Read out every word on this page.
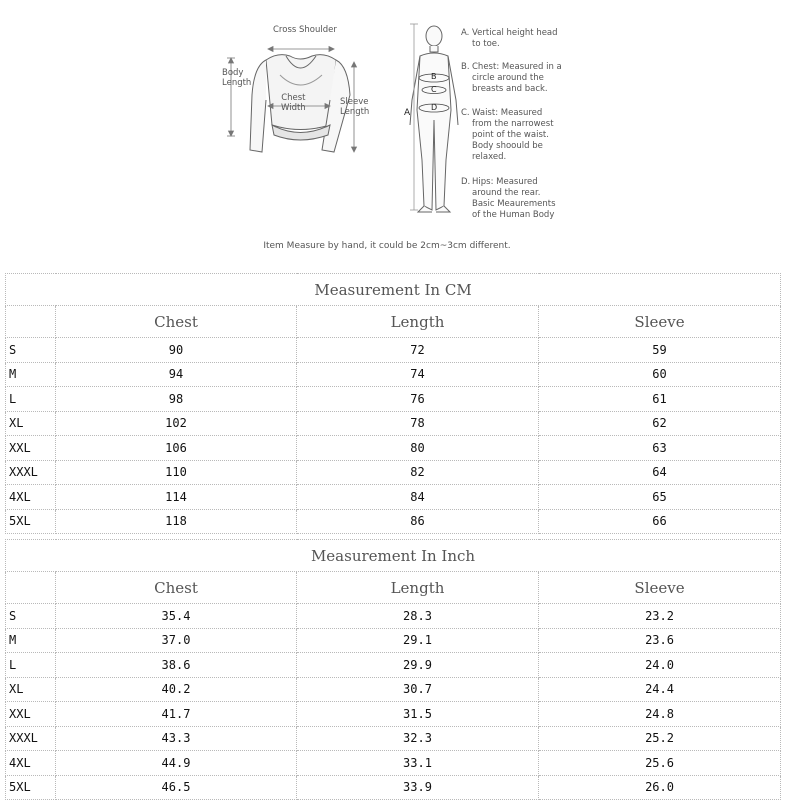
Cross Shoulder
Body
Length
Chest
Width
Sleeve
Length	A
B
C
D
A. Vertical height head
to toe.
B. Chest: Measured in a
circle around the
breasts and back.
C. Waist: Measured
from the narrowest
point of the waist.
Body shoould be
relaxed.
D. Hips: Measured
around the rear.
Basic Meaurements
of the Human Body
Item Measure by hand, it could be 2cm~3cm different.
Measurement In CM			
	Chest	Length	Sleeve
S	90	72	59
M	94	74	60
L	98	76	61
XL	102	78	62
XXL	106	80	63
XXXL	110	82	64
4XL	114	84	65
5XL	118	86	66
Measurement In Inch			
	Chest	Length	Sleeve
S	35.4	28.3	23.2
M	37.0	29.1	23.6
L	38.6	29.9	24.0
XL	40.2	30.7	24.4
XXL	41.7	31.5	24.8
XXXL	43.3	32.3	25.2
4XL	44.9	33.1	25.6
5XL	46.5	33.9	26.0
